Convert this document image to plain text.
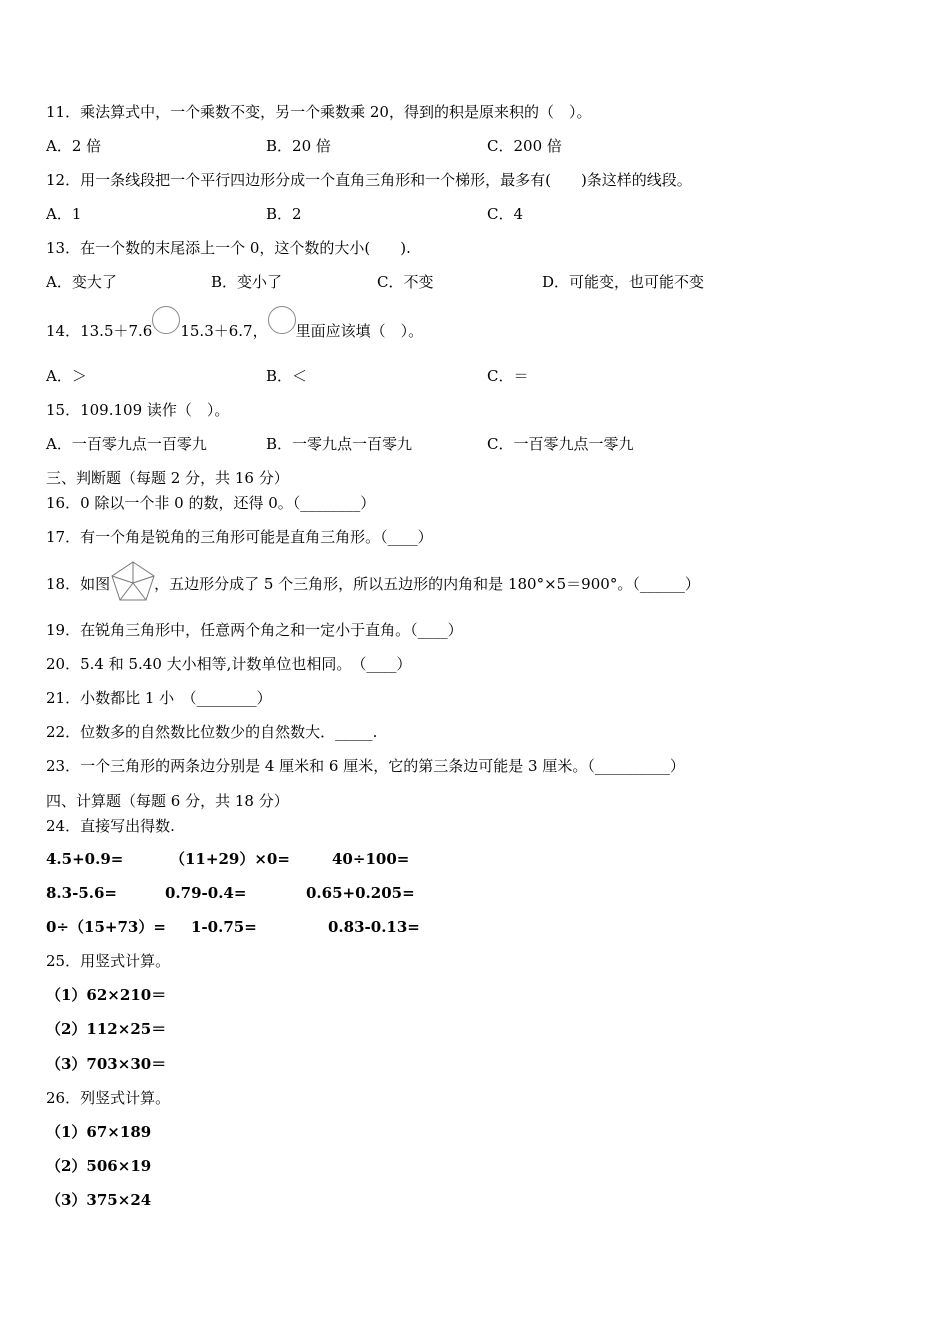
11．乘法算式中，一个乘数不变，另一个乘数乘 20，得到的积是原来积的（　）。
A．2 倍	B．20 倍	C．200 倍
12．用一条线段把一个平行四边形分成一个直角三角形和一个梯形，最多有(　　)条这样的线段。
A．1	B．2	C．4
13．在一个数的末尾添上一个 0，这个数的大小(　　).
A．变大了	B．变小了	C．不变	D．可能变，也可能不变
14．13.5＋7.6 15.3＋6.7， 里面应该填（　）。
A．＞	B．＜	C．＝
15．109.109 读作（　）。
A．一百零九点一百零九	B．一零九点一百零九	C．一百零九点一零九
三、判断题（每题 2 分，共 16 分）
16．0 除以一个非 0 的数，还得 0。（________）
17．有一个角是锐角的三角形可能是直角三角形。（____）
18．如图	，五边形分成了 5 个三角形，所以五边形的内角和是 180°×5＝900°。（______）
19．在锐角三角形中，任意两个角之和一定小于直角。（____）
20．5.4 和 5.40 大小相等,计数单位也相同。　（____）
21．小数都比 1 小　（________）
22．位数多的自然数比位数少的自然数大．_____.
23．一个三角形的两条边分别是 4 厘米和 6 厘米，它的第三条边可能是 3 厘米。（__________）
四、计算题（每题 6 分，共 18 分）
24．直接写出得数.
4.5+0.9=	（11+29）×0=	40÷100=
8.3-5.6=	0.79-0.4=	0.65+0.205=
0÷（15+73）= 1-0.75=	0.83-0.13=
25．用竖式计算。
（1）62×210＝
（2）112×25＝
（3）703×30＝
26．列竖式计算。
（1）67×189
（2）506×19
（3）375×24
